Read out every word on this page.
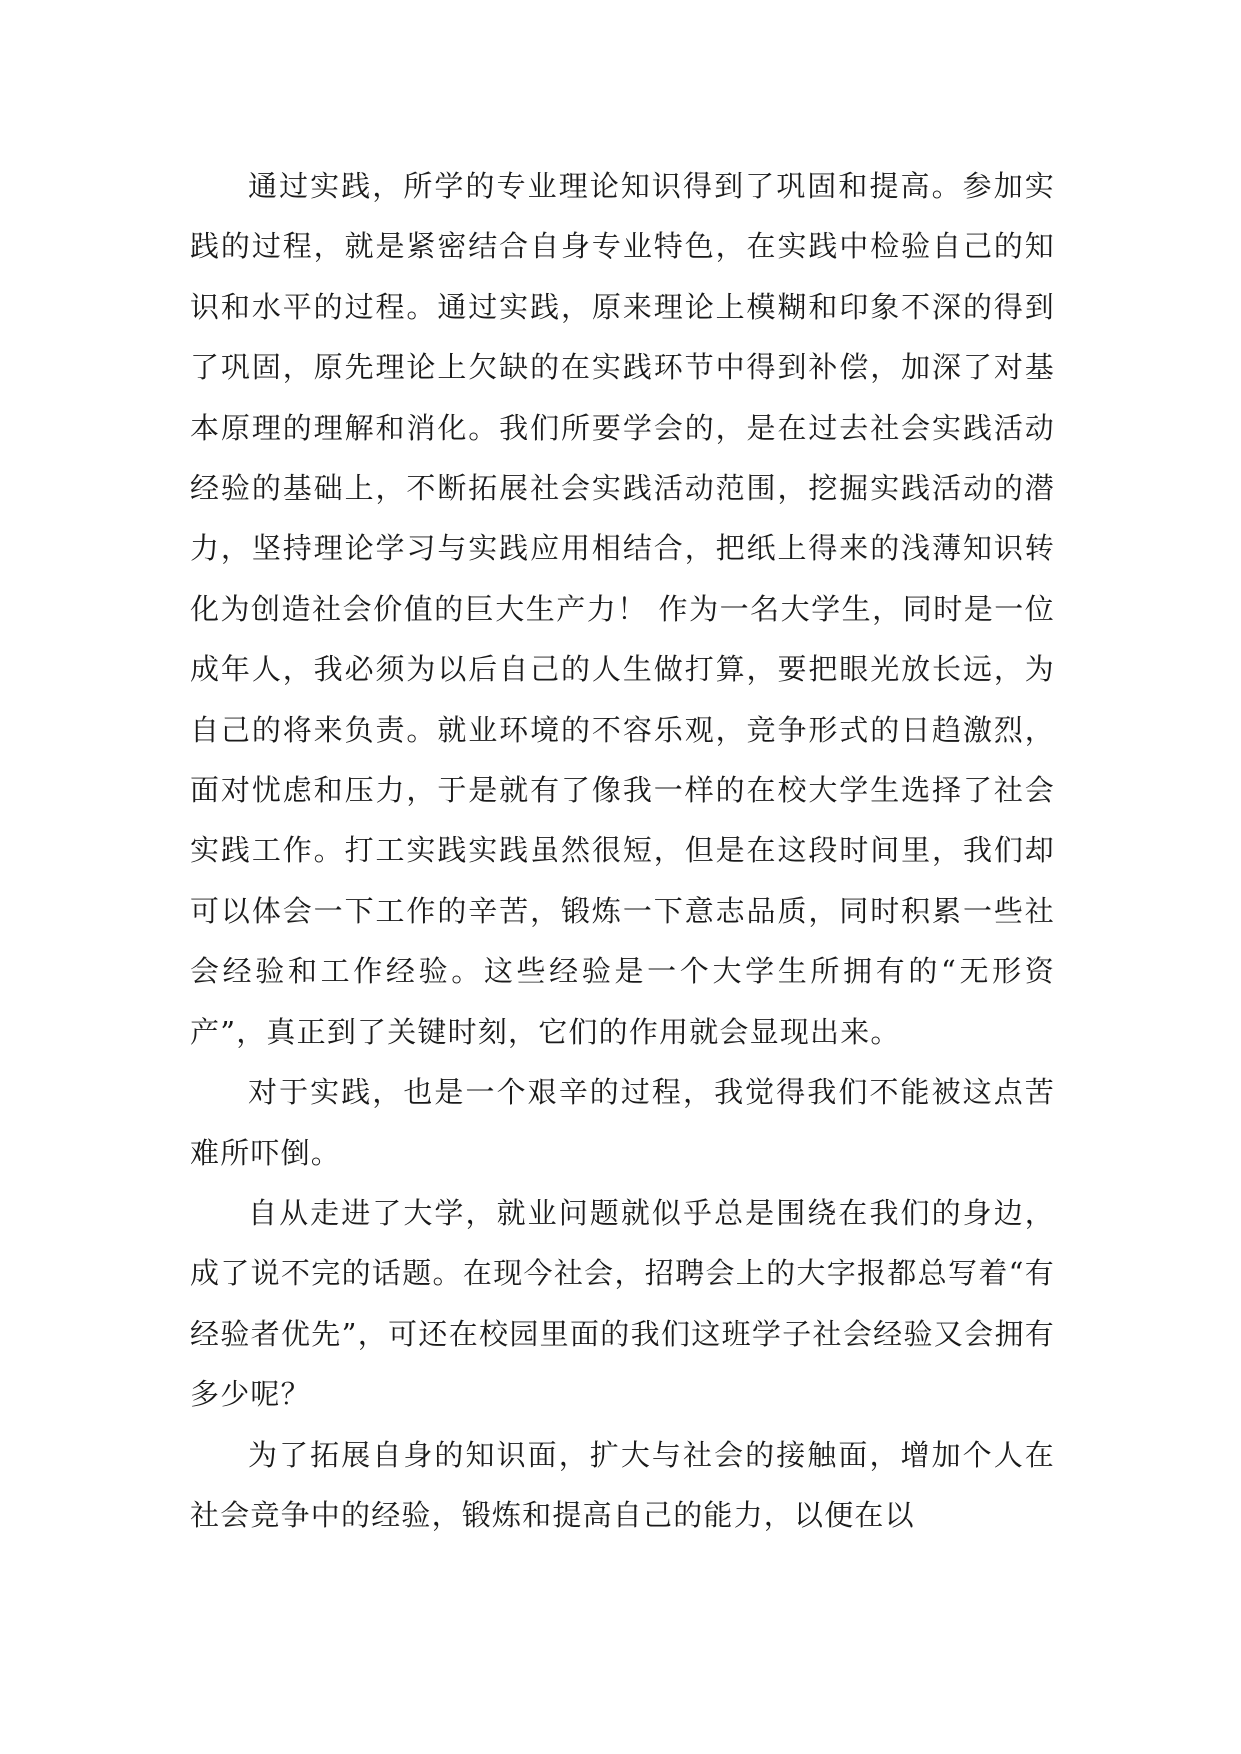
通过实践，所学的专业理论知识得到了巩固和提高。参加实践的过程，就是紧密结合自身专业特色，在实践中检验自己的知识和水平的过程。通过实践，原来理论上模糊和印象不深的得到了巩固，原先理论上欠缺的在实践环节中得到补偿，加深了对基本原理的理解和消化。我们所要学会的，是在过去社会实践活动经验的基础上，不断拓展社会实践活动范围，挖掘实践活动的潜力，坚持理论学习与实践应用相结合，把纸上得来的浅薄知识转化为创造社会价值的巨大生产力！ 作为一名大学生，同时是一位成年人，我必须为以后自己的人生做打算，要把眼光放长远，为自己的将来负责。就业环境的不容乐观，竞争形式的日趋激烈，面对忧虑和压力，于是就有了像我一样的在校大学生选择了社会实践工作。打工实践实践虽然很短，但是在这段时间里，我们却可以体会一下工作的辛苦，锻炼一下意志品质，同时积累一些社会经验和工作经验。这些经验是一个大学生所拥有的“无形资产”，真正到了关键时刻，它们的作用就会显现出来。

对于实践，也是一个艰辛的过程，我觉得我们不能被这点苦难所吓倒。

自从走进了大学，就业问题就似乎总是围绕在我们的身边，成了说不完的话题。在现今社会，招聘会上的大字报都总写着“有经验者优先”，可还在校园里面的我们这班学子社会经验又会拥有多少呢？

为了拓展自身的知识面，扩大与社会的接触面，增加个人在社会竞争中的经验，锻炼和提高自己的能力，以便在以
